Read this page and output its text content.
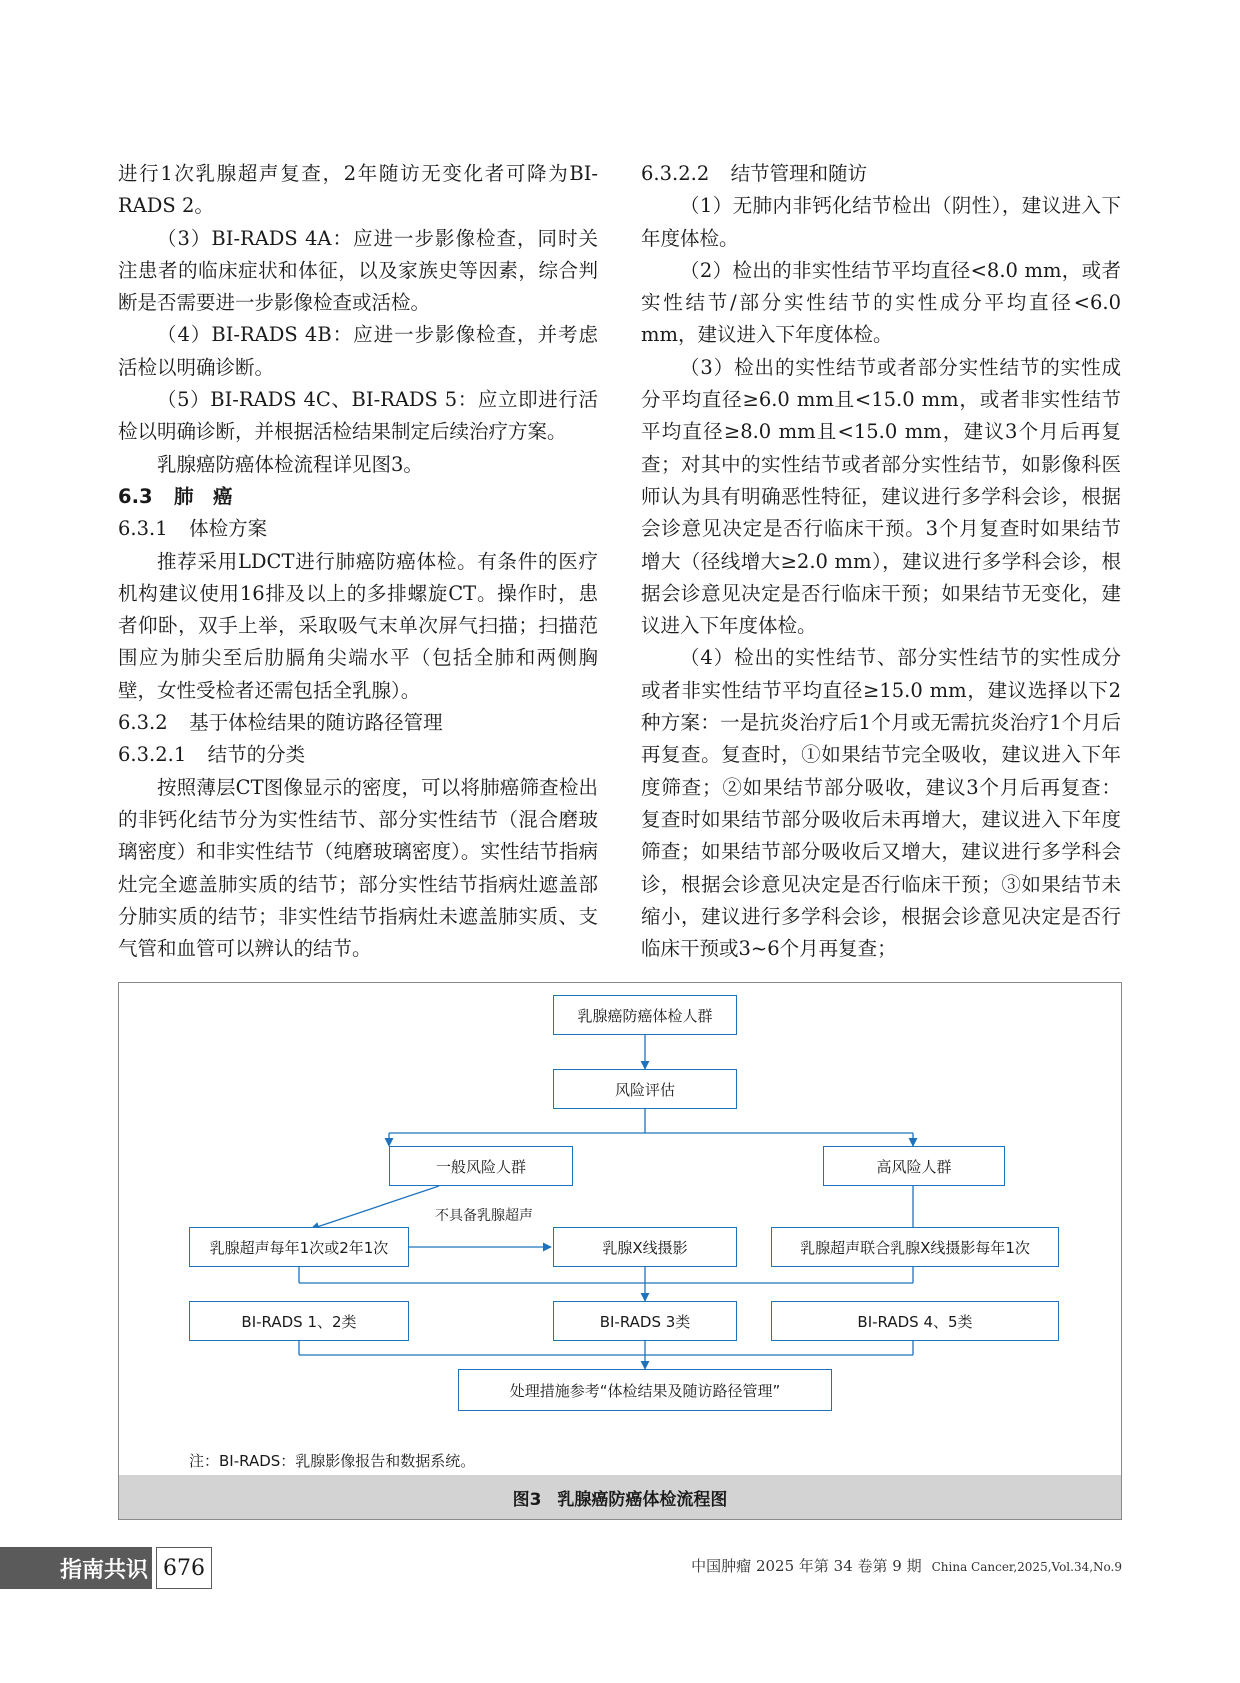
进行1次乳腺超声复查，2年随访无变化者可降为BI-RADS 2。

（3）BI-RADS 4A：应进一步影像检查，同时关注患者的临床症状和体征，以及家族史等因素，综合判断是否需要进一步影像检查或活检。

（4）BI-RADS 4B：应进一步影像检查，并考虑活检以明确诊断。

（5）BI-RADS 4C、BI-RADS 5：应立即进行活检以明确诊断，并根据活检结果制定后续治疗方案。

乳腺癌防癌体检流程详见图3。

6.3 肺　癌

6.3.1 体检方案

推荐采用LDCT进行肺癌防癌体检。有条件的医疗机构建议使用16排及以上的多排螺旋CT。操作时，患者仰卧，双手上举，采取吸气末单次屏气扫描；扫描范围应为肺尖至后肋膈角尖端水平（包括全肺和两侧胸壁，女性受检者还需包括全乳腺）。

6.3.2 基于体检结果的随访路径管理

6.3.2.1 结节的分类

按照薄层CT图像显示的密度，可以将肺癌筛查检出的非钙化结节分为实性结节、部分实性结节（混合磨玻璃密度）和非实性结节（纯磨玻璃密度）。实性结节指病灶完全遮盖肺实质的结节；部分实性结节指病灶遮盖部分肺实质的结节；非实性结节指病灶未遮盖肺实质、支气管和血管可以辨认的结节。

6.3.2.2 结节管理和随访

（1）无肺内非钙化结节检出（阴性），建议进入下年度体检。

（2）检出的非实性结节平均直径<8.0 mm，或者实性结节/部分实性结节的实性成分平均直径<6.0 mm，建议进入下年度体检。

（3）检出的实性结节或者部分实性结节的实性成分平均直径≥6.0 mm且<15.0 mm，或者非实性结节平均直径≥8.0 mm且<15.0 mm，建议3个月后再复查；对其中的实性结节或者部分实性结节，如影像科医师认为具有明确恶性特征，建议进行多学科会诊，根据会诊意见决定是否行临床干预。3个月复查时如果结节增大（径线增大≥2.0 mm），建议进行多学科会诊，根据会诊意见决定是否行临床干预；如果结节无变化，建议进入下年度体检。

（4）检出的实性结节、部分实性结节的实性成分或者非实性结节平均直径≥15.0 mm，建议选择以下2种方案：一是抗炎治疗后1个月或无需抗炎治疗1个月后再复查。复查时，①如果结节完全吸收，建议进入下年度筛查；②如果结节部分吸收，建议3个月后再复查：复查时如果结节部分吸收后未再增大，建议进入下年度筛查；如果结节部分吸收后又增大，建议进行多学科会诊，根据会诊意见决定是否行临床干预；③如果结节未缩小，建议进行多学科会诊，根据会诊意见决定是否行临床干预或3~6个月再复查；

乳腺癌防癌体检人群
风险评估
一般风险人群	高风险人群
乳腺超声每年1次或2年1次	乳腺X线摄影	乳腺超声联合乳腺X线摄影每年1次
BI-RADS 1、2类	BI-RADS 3类	BI-RADS 4、5类
处理措施参考“体检结果及随访路径管理”
不具备乳腺超声
注：BI-RADS：乳腺影像报告和数据系统。
图3 乳腺癌防癌体检流程图
指南共识 676	中国肿瘤 2025 年第 34 卷第 9 期 China Cancer,2025,Vol.34,No.9
